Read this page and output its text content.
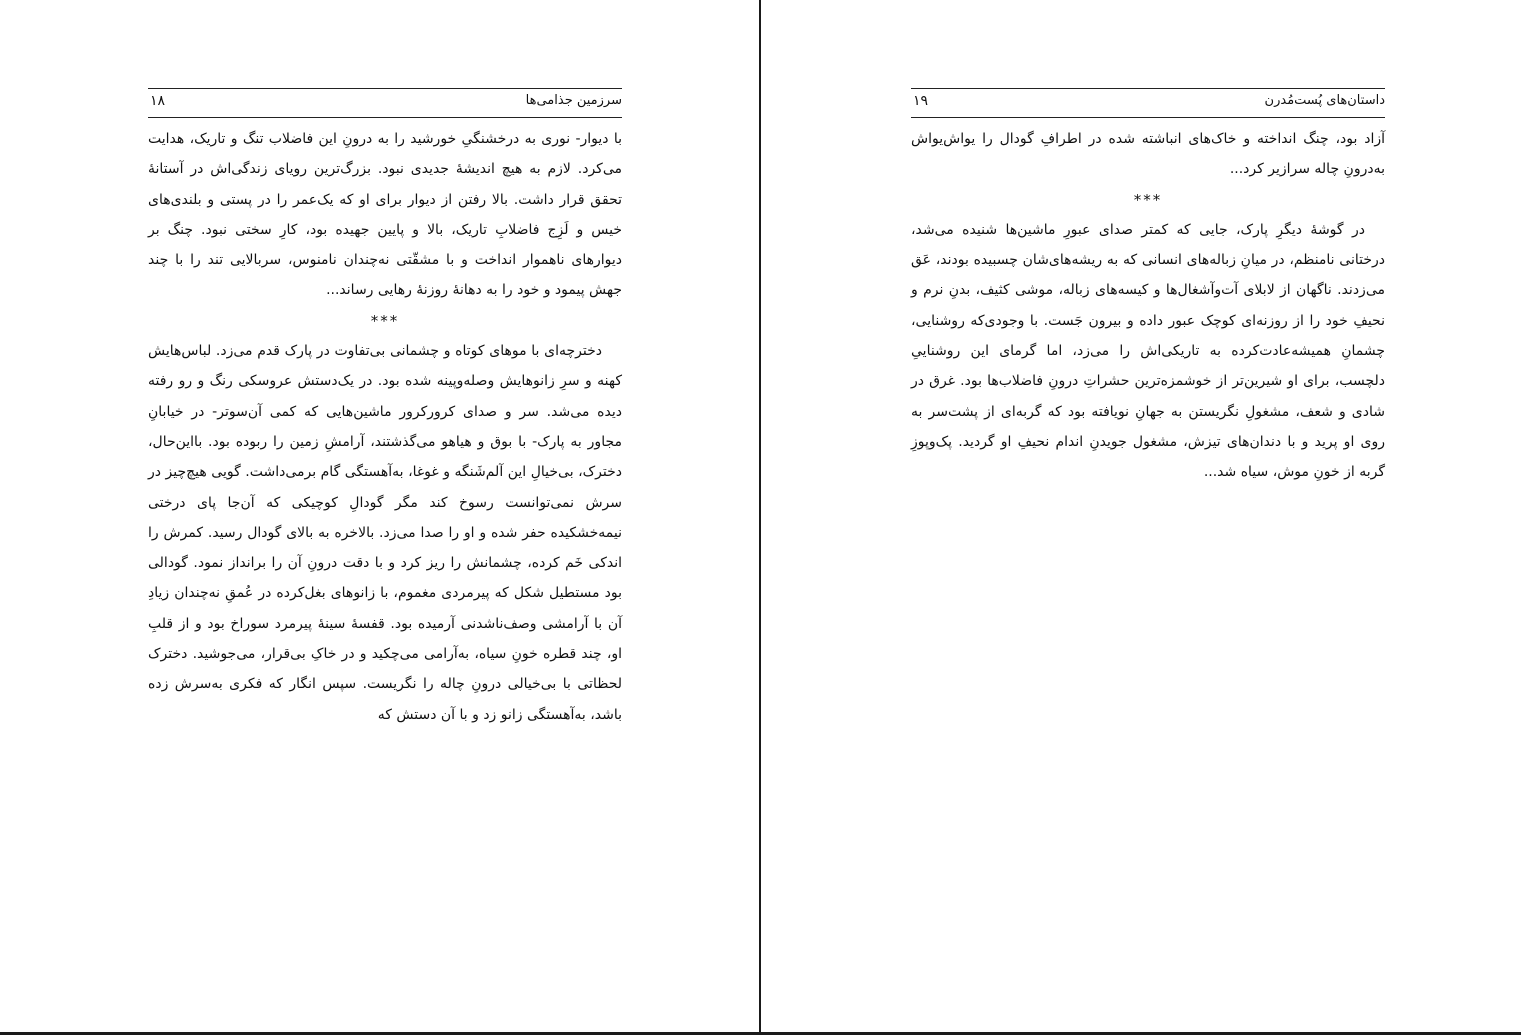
سرزمین جذامی‌ها
۱۸

با دیوار- نوری به درخشنگیِ خورشید را به درونِ این فاضلاب تنگ و تاریک، هدایت می‌کرد. لازم به هیچ اندیشهٔ جدیدی نبود. بزرگ‌ترین رویای زندگی‌اش در آستانهٔ تحقق قرار داشت. بالا رفتن از دیوار برای او که یک‌عمر را در پستی و بلندی‌های خیس و لَزِج فاضلابِ تاریک، بالا و پایین جهیده بود، کارِ سختی نبود. چنگ بر دیوارهای ناهموار انداخت و با مشقّتی نه‌چندان نامنوس، سربالایی تند را با چند جهش پیمود و خود را به دهانهٔ روزنهٔ رهایی رساند...

***

دخترچه‌ای با موهای کوتاه و چشمانی بی‌تفاوت در پارک قدم می‌زد. لباس‌هایش کهنه و سرِ زانوهایش وصله‌وپینه شده بود. در یک‌دستش عروسکی رنگ و رو رفته دیده می‌شد. سر و صدای کرورکرور ماشین‌هایی که کمی آن‌سوتر- در خیابانِ مجاور به پارک- با بوق و هیاهو می‌گذشتند، آرامشِ زمین را ربوده بود. بااین‌حال، دخترک، بی‌خیالِ این آلم‌شَنگه و غوغا، به‌آهستگی گام برمی‌داشت. گویی هیچ‌چیز در سرش نمی‌توانست رسوخ کند مگر گودالِ کوچیکی که آن‌جا پای درختی نیمه‌خشکیده حفر شده و او را صدا می‌زد. بالاخره به بالای گودال رسید. کمرش را اندکی خَم کرده، چشمانش را ریز کرد و با دقت درونِ آن را برانداز نمود. گودالی بود مستطیل شکل که پیرمردی مغموم، با زانوهای بغل‌کرده در عُمقِ نه‌چندان زیادِ آن با آرامشی وصف‌ناشدنی آرمیده بود. قفسهٔ سینهٔ پیرمرد سوراخ بود و از قلبِ او، چند قطره خونِ سیاه، به‌آرامی می‌چکید و در خاکِ بی‌قرار، می‌جوشید. دخترک لحظاتی با بی‌خیالی درونِ چاله را نگریست. سپس انگار که فکری به‌سرش زده باشد، به‌آهستگی زانو زد و با آن دستش که

داستان‌های پُست‌مُدرن
۱۹

آزاد بود، چنگ انداخته و خاک‌های انباشته شده در اطرافِ گودال را یواش‌یواش به‌درونِ چاله سرازیر کرد...

***

در گوشهٔ دیگرِ پارک، جایی که کمتر صدای عبورِ ماشین‌ها شنیده می‌شد، درختانی نامنظم، در میانِ زباله‌های انسانی که به ریشه‌های‌شان چسبیده بودند، عَق می‌زدند. ناگهان از لابلای آت‌وآشغال‌ها و کیسه‌های زباله، موشی کثیف، بدنِ نرم و نحیفِ خود را از روزنه‌ای کوچک عبور داده و بیرون جَست. با وجودی‌که روشنایی، چشمانِ همیشه‌عادت‌کرده به تاریکی‌اش را می‌زد، اما گرمای این روشناییِ دلچسب، برای او شیرین‌تر از خوشمزه‌ترین حشراتِ درونِ فاضلاب‌ها بود. غرق در شادی و شعف، مشغولِ نگریستن به جهانِ نویافته بود که گربه‌ای از پشت‌سر به روی او پرید و با دندان‌های تیزش، مشغول جویدنِ اندام نحیفِ او گردید. پک‌وپوزِ گربه از خونِ موش، سیاه شد...
